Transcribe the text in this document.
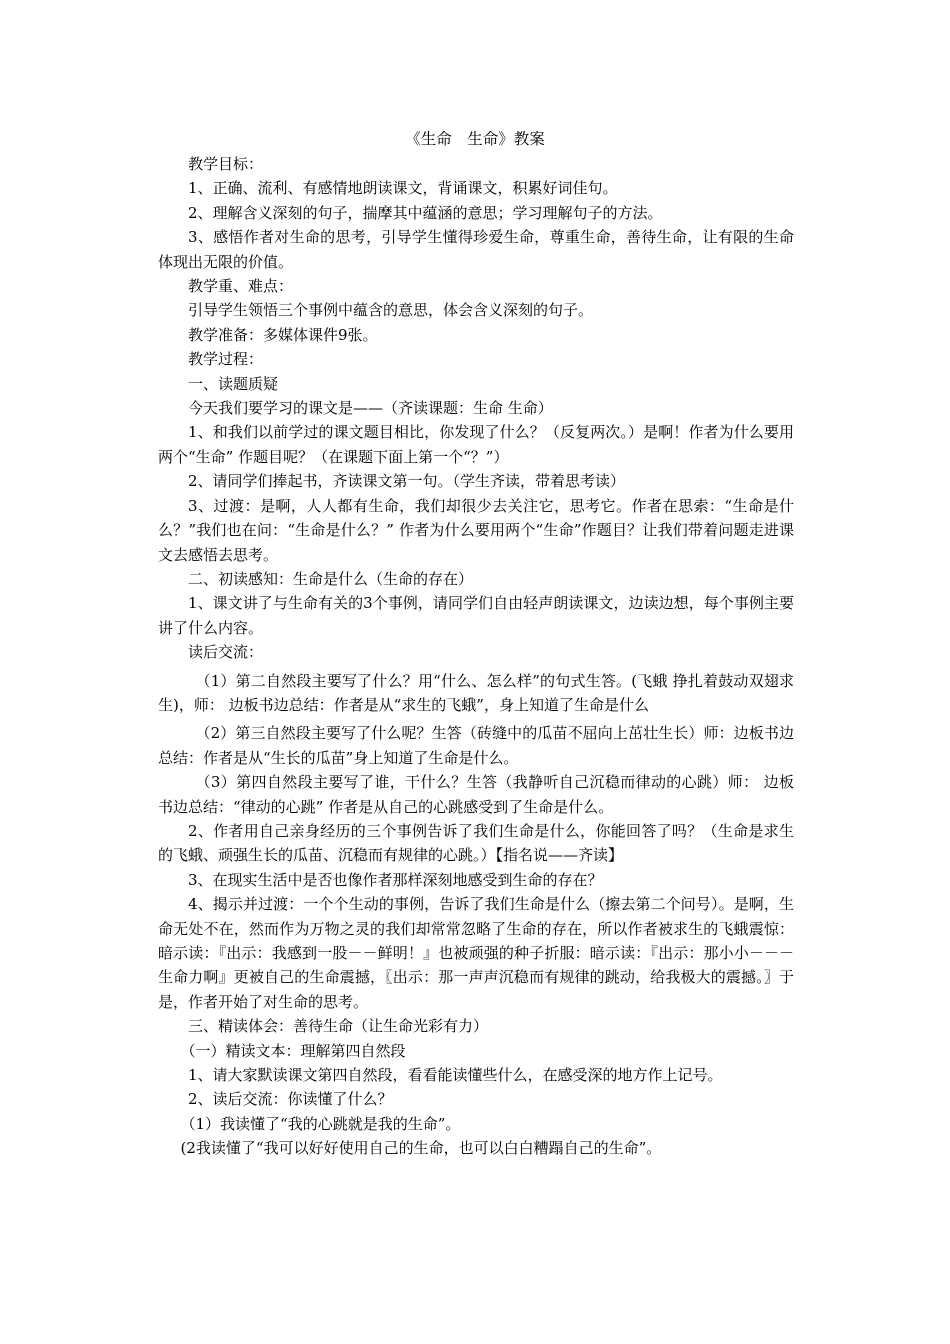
《生命　生命》教案

教学目标：

1、正确、流利、有感情地朗读课文，背诵课文，积累好词佳句。

2、理解含义深刻的句子，揣摩其中蕴涵的意思；学习理解句子的方法。

3、感悟作者对生命的思考，引导学生懂得珍爱生命，尊重生命，善待生命，让有限的生命体现出无限的价值。

教学重、难点：

引导学生领悟三个事例中蕴含的意思，体会含义深刻的句子。

教学准备：多媒体课件9张。

教学过程：

一、读题质疑

今天我们要学习的课文是——（齐读课题：生命 生命）

1、和我们以前学过的课文题目相比，你发现了什么？（反复两次。）是啊！作者为什么要用两个“生命” 作题目呢？（在课题下面上第一个“？”）

2、请同学们捧起书，齐读课文第一句。（学生齐读，带着思考读）

3、过渡：是啊，人人都有生命，我们却很少去关注它，思考它。作者在思索：“生命是什么？”我们也在问：“生命是什么？” 作者为什么要用两个“生命”作题目？让我们带着问题走进课文去感悟去思考。

二、初读感知：生命是什么（生命的存在）

1、课文讲了与生命有关的3个事例，请同学们自由轻声朗读课文，边读边想，每个事例主要讲了什么内容。

读后交流：

（1）第二自然段主要写了什么？用“什么、怎么样”的句式生答。(飞蛾 挣扎着鼓动双翅求生)，师： 边板书边总结：作者是从“求生的飞蛾”，身上知道了生命是什么

（2）第三自然段主要写了什么呢？生答（砖缝中的瓜苗不屈向上茁壮生长）师：边板书边总结：作者是从“生长的瓜苗”身上知道了生命是什么。

（3）第四自然段主要写了谁，干什么？生答（我静听自己沉稳而律动的心跳）师： 边板书边总结：“律动的心跳” 作者是从自己的心跳感受到了生命是什么。

2、作者用自己亲身经历的三个事例告诉了我们生命是什么，你能回答了吗？（生命是求生的飞蛾、顽强生长的瓜苗、沉稳而有规律的心跳。）【指名说——齐读】

3、在现实生活中是否也像作者那样深刻地感受到生命的存在？

4、揭示并过渡：一个个生动的事例，告诉了我们生命是什么（擦去第二个问号）。是啊，生命无处不在，然而作为万物之灵的我们却常常忽略了生命的存在，所以作者被求生的飞蛾震惊：暗示读：『出示：我感到一股－－鲜明！』也被顽强的种子折服：暗示读：『出示：那小小－－－生命力啊』更被自己的生命震撼，〖出示：那一声声沉稳而有规律的跳动，给我极大的震撼。〗于是，作者开始了对生命的思考。

三、精读体会：善待生命（让生命光彩有力）

（一）精读文本：理解第四自然段

1、请大家默读课文第四自然段，看看能读懂些什么，在感受深的地方作上记号。

2、读后交流：你读懂了什么？

（1）我读懂了“我的心跳就是我的生命”。

(2我读懂了“我可以好好使用自己的生命，也可以白白糟蹋自己的生命”。
